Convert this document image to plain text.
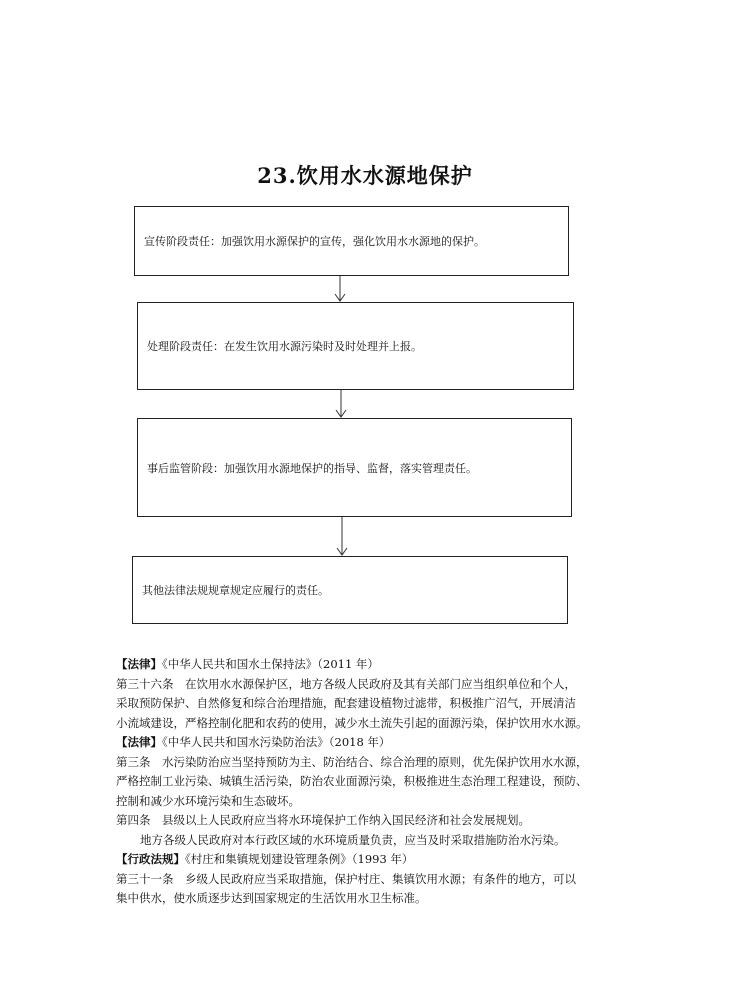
23.饮用水水源地保护
宣传阶段责任：加强饮用水源保护的宣传，强化饮用水水源地的保护。
处理阶段责任：在发生饮用水源污染时及时处理并上报。
事后监管阶段：加强饮用水源地保护的指导、监督，落实管理责任。
其他法律法规规章规定应履行的责任。
【法律】《中华人民共和国水土保持法》（2011 年）
第三十六条　在饮用水水源保护区，地方各级人民政府及其有关部门应当组织单位和个人，
采取预防保护、自然修复和综合治理措施，配套建设植物过滤带，积极推广沼气，开展清洁
小流域建设，严格控制化肥和农药的使用，减少水土流失引起的面源污染，保护饮用水水源。
【法律】《中华人民共和国水污染防治法》（2018 年）
第三条　水污染防治应当坚持预防为主、防治结合、综合治理的原则，优先保护饮用水水源，
严格控制工业污染、城镇生活污染，防治农业面源污染，积极推进生态治理工程建设，预防、
控制和减少水环境污染和生态破坏。
第四条　县级以上人民政府应当将水环境保护工作纳入国民经济和社会发展规划。
地方各级人民政府对本行政区域的水环境质量负责，应当及时采取措施防治水污染。
【行政法规】《村庄和集镇规划建设管理条例》（1993 年）
第三十一条　乡级人民政府应当采取措施，保护村庄、集镇饮用水源；有条件的地方，可以
集中供水，使水质逐步达到国家规定的生活饮用水卫生标准。
